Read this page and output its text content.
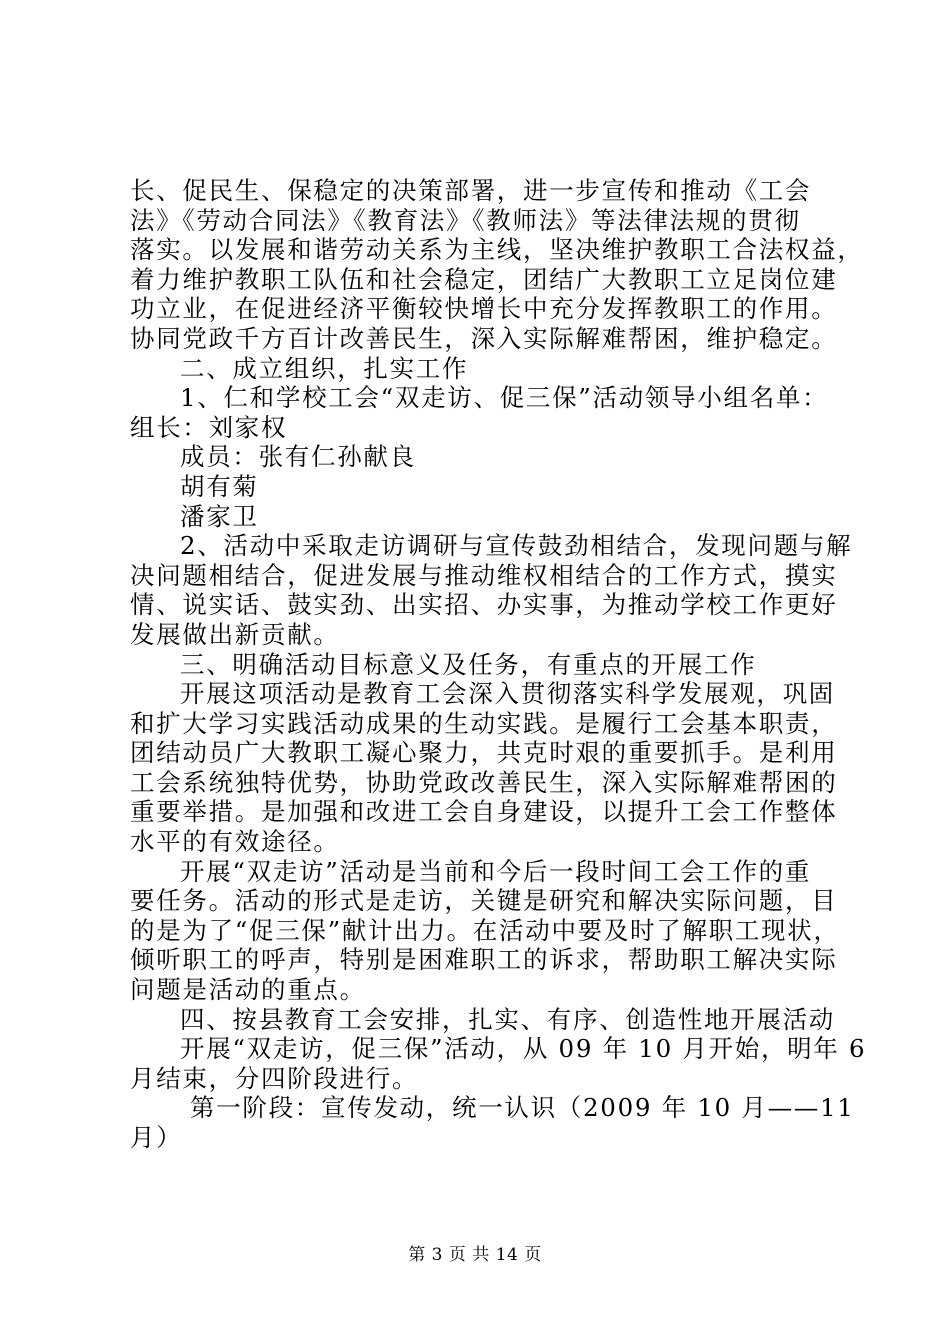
长、促民生、保稳定的决策部署，进一步宣传和推动《工会
法》《劳动合同法》《教育法》《教师法》等法律法规的贯彻
落实。以发展和谐劳动关系为主线，坚决维护教职工合法权益，
着力维护教职工队伍和社会稳定，团结广大教职工立足岗位建
功立业，在促进经济平衡较快增长中充分发挥教职工的作用。
协同党政千方百计改善民生，深入实际解难帮困，维护稳定。
二、成立组织，扎实工作
1、仁和学校工会“双走访、促三保”活动领导小组名单：
组长：刘家权
成员：张有仁孙献良
胡有菊
潘家卫
2、活动中采取走访调研与宣传鼓劲相结合，发现问题与解
决问题相结合，促进发展与推动维权相结合的工作方式，摸实
情、说实话、鼓实劲、出实招、办实事，为推动学校工作更好
发展做出新贡献。
三、明确活动目标意义及任务，有重点的开展工作
开展这项活动是教育工会深入贯彻落实科学发展观，巩固
和扩大学习实践活动成果的生动实践。是履行工会基本职责，
团结动员广大教职工凝心聚力，共克时艰的重要抓手。是利用
工会系统独特优势，协助党政改善民生，深入实际解难帮困的
重要举措。是加强和改进工会自身建设，以提升工会工作整体
水平的有效途径。
开展“双走访”活动是当前和今后一段时间工会工作的重
要任务。活动的形式是走访，关键是研究和解决实际问题，目
的是为了“促三保”献计出力。在活动中要及时了解职工现状，
倾听职工的呼声，特别是困难职工的诉求，帮助职工解决实际
问题是活动的重点。
四、按县教育工会安排，扎实、有序、创造性地开展活动
开展“双走访，促三保”活动，从 09 年 10 月开始，明年 6
月结束，分四阶段进行。
第一阶段：宣传发动，统一认识（2009 年 10 月——11
月）
第 3 页 共 14 页
